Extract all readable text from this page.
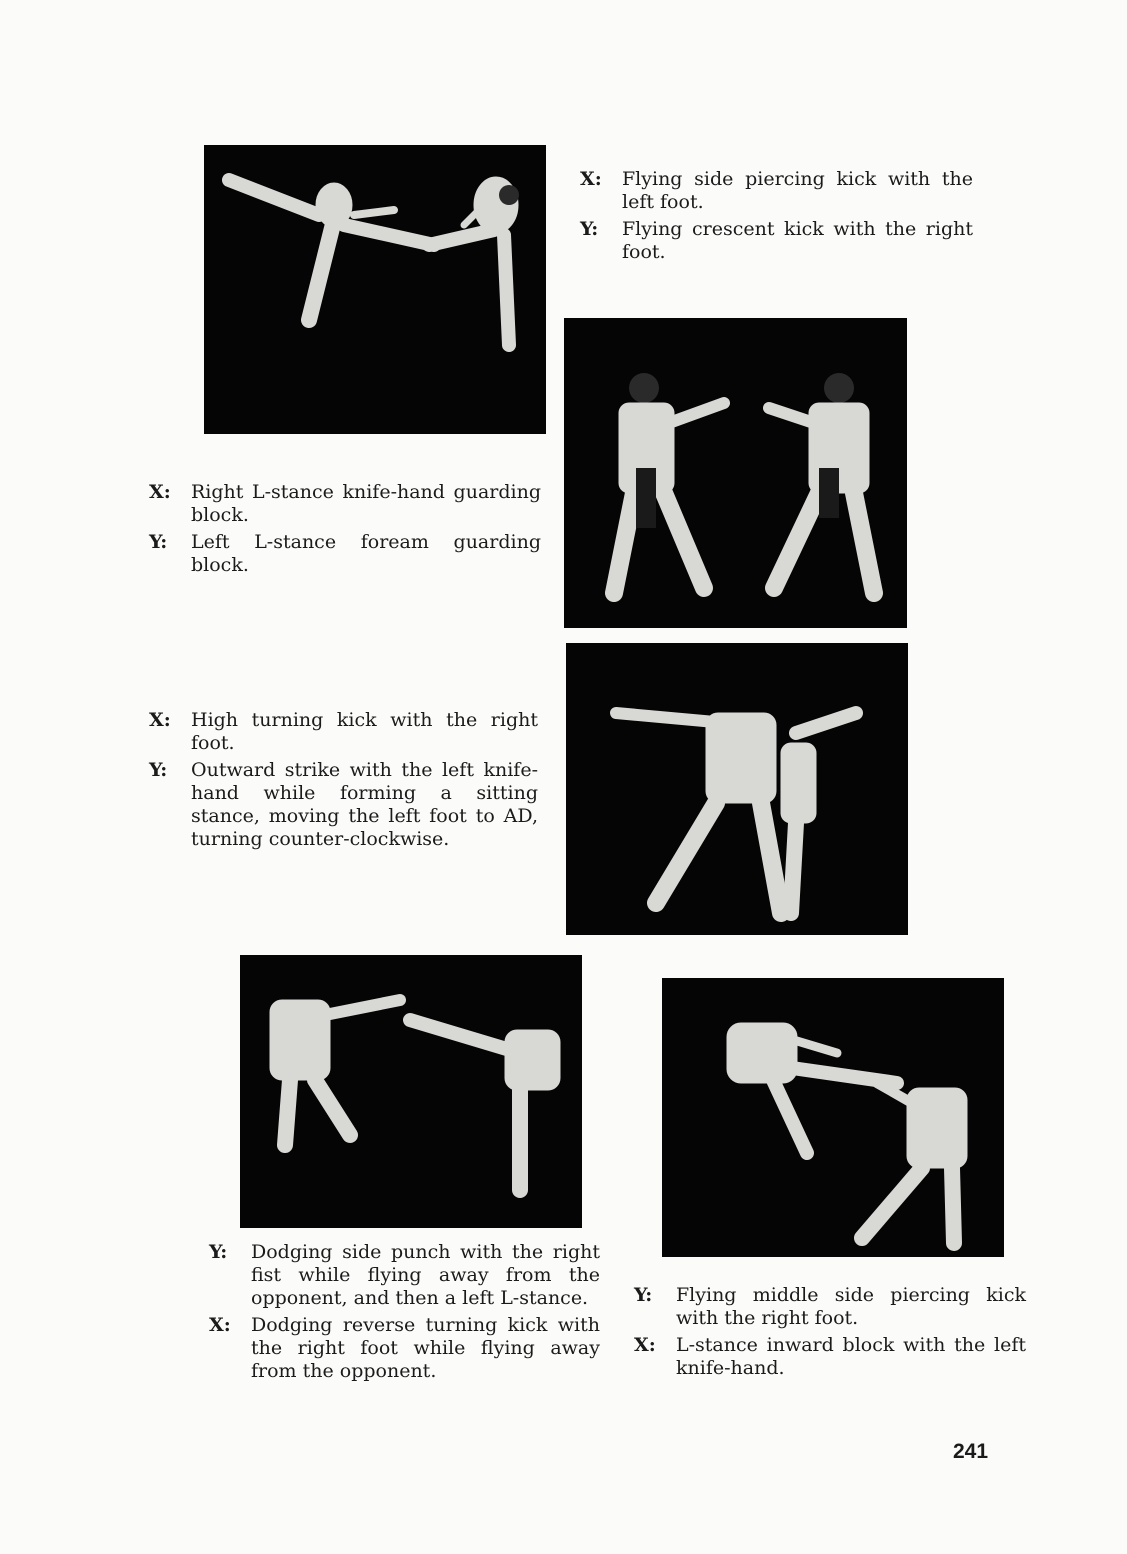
X: Flying side piercing kick with the left foot.
Y: Flying crescent kick with the right foot.
X: Right L-stance knife-hand guarding block.
Y: Left L-stance foream guarding block.
X: High turning kick with the right foot.
Y: Outward strike with the left knife-hand while forming a sitting stance, moving the left foot to AD, turning counter-clockwise.
Y: Dodging side punch with the right fist while flying away from the opponent, and then a left L-stance.
X: Dodging reverse turning kick with the right foot while flying away from the opponent.
Y: Flying middle side piercing kick with the right foot.
X: L-stance inward block with the left knife-hand.
241
